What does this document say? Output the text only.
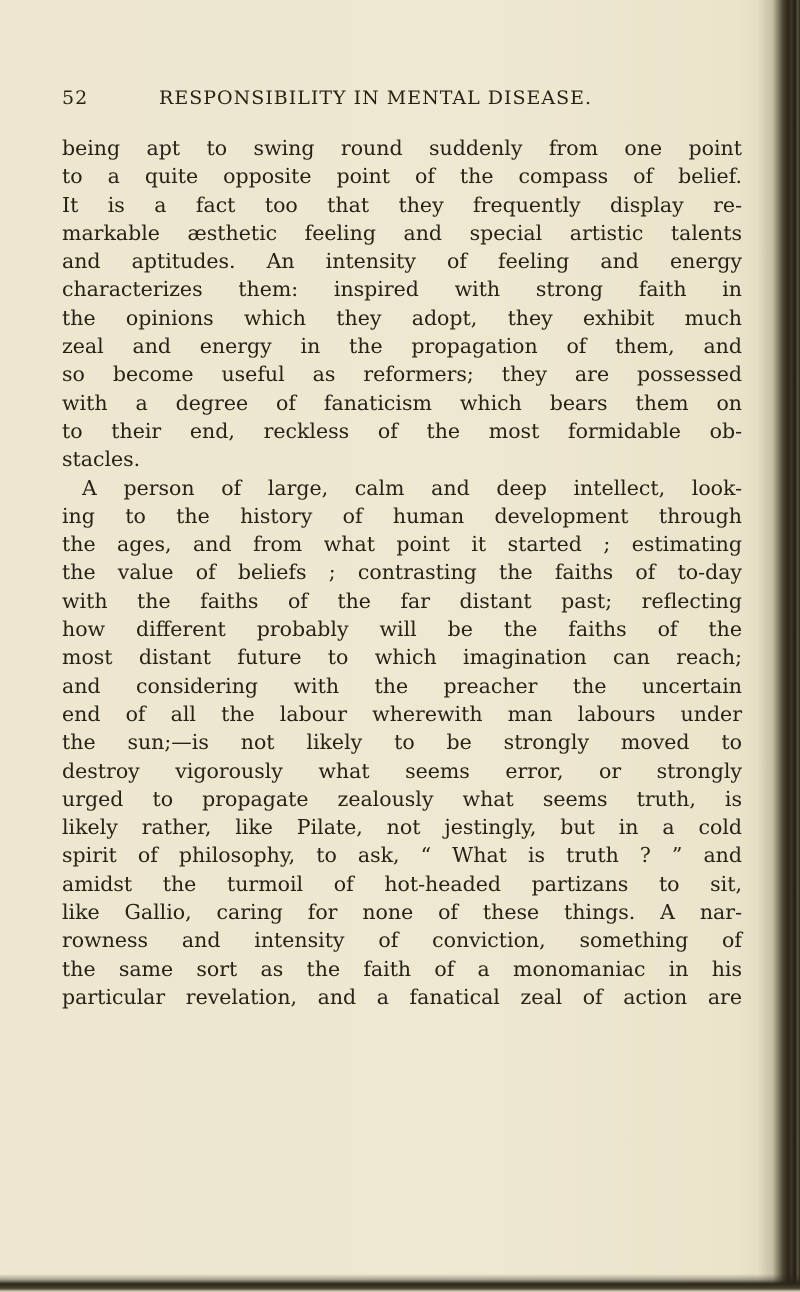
52	RESPONSIBILITY IN MENTAL DISEASE.
being apt to swing round suddenly from one point
to a quite opposite point of the compass of belief.
It is a fact too that they frequently display re-
markable æsthetic feeling and special artistic talents
and aptitudes. An intensity of feeling and energy
characterizes them: inspired with strong faith in
the opinions which they adopt, they exhibit much
zeal and energy in the propagation of them, and
so become useful as reformers; they are possessed
with a degree of fanaticism which bears them on
to their end, reckless of the most formidable ob-
stacles.
A person of large, calm and deep intellect, look-
ing to the history of human development through
the ages, and from what point it started ; estimating
the value of beliefs ; contrasting the faiths of to-day
with the faiths of the far distant past; reflecting
how different probably will be the faiths of the
most distant future to which imagination can reach;
and considering with the preacher the uncertain
end of all the labour wherewith man labours under
the sun;—is not likely to be strongly moved to
destroy vigorously what seems error, or strongly
urged to propagate zealously what seems truth, is
likely rather, like Pilate, not jestingly, but in a cold
spirit of philosophy, to ask, “ What is truth ? ” and
amidst the turmoil of hot-headed partizans to sit,
like Gallio, caring for none of these things. A nar-
rowness and intensity of conviction, something of
the same sort as the faith of a monomaniac in his
particular revelation, and a fanatical zeal of action are
